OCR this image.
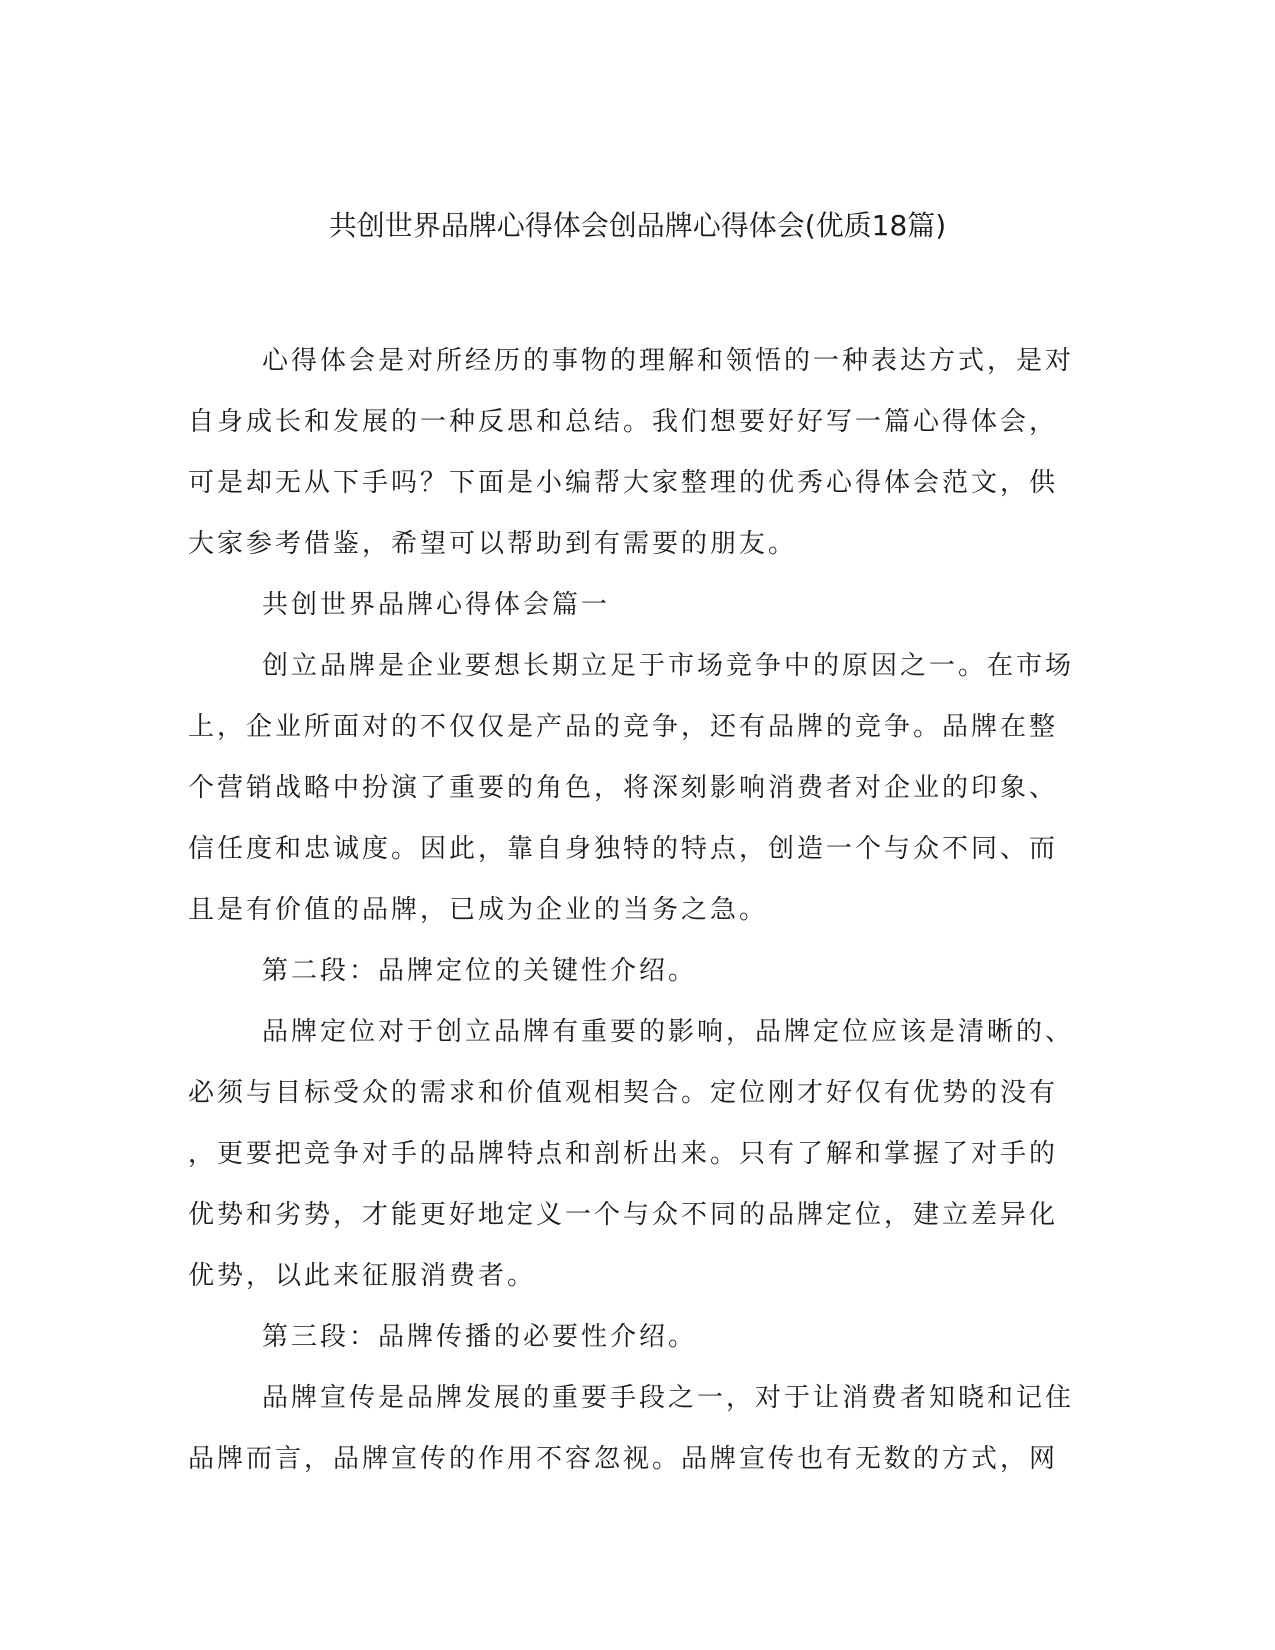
共创世界品牌心得体会创品牌心得体会(优质18篇)
心得体会是对所经历的事物的理解和领悟的一种表达方式，是对
自身成长和发展的一种反思和总结。我们想要好好写一篇心得体会，
可是却无从下手吗？下面是小编帮大家整理的优秀心得体会范文，供
大家参考借鉴，希望可以帮助到有需要的朋友。
共创世界品牌心得体会篇一
创立品牌是企业要想长期立足于市场竞争中的原因之一。在市场
上，企业所面对的不仅仅是产品的竞争，还有品牌的竞争。品牌在整
个营销战略中扮演了重要的角色，将深刻影响消费者对企业的印象、
信任度和忠诚度。因此，靠自身独特的特点，创造一个与众不同、而
且是有价值的品牌，已成为企业的当务之急。
第二段：品牌定位的关键性介绍。
品牌定位对于创立品牌有重要的影响，品牌定位应该是清晰的、
必须与目标受众的需求和价值观相契合。定位刚才好仅有优势的没有
，更要把竞争对手的品牌特点和剖析出来。只有了解和掌握了对手的
优势和劣势，才能更好地定义一个与众不同的品牌定位，建立差异化
优势，以此来征服消费者。
第三段：品牌传播的必要性介绍。
品牌宣传是品牌发展的重要手段之一，对于让消费者知晓和记住
品牌而言，品牌宣传的作用不容忽视。品牌宣传也有无数的方式，网
